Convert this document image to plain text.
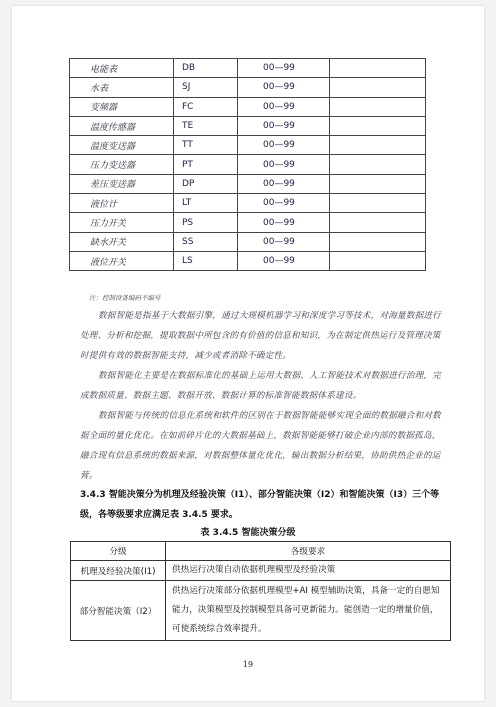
电能表	DB	00—99	
水表	SJ	00—99	
变频器	FC	00—99	
温度传感器	TE	00—99	
温度变送器	TT	00—99	
压力变送器	PT	00—99	
差压变送器	DP	00—99	
液位计	LT	00—99	
压力开关	PS	00—99	
缺水开关	SS	00—99	
液位开关	LS	00—99	
注：控制设备编码不编号

数据智能是指基于大数据引擎，通过大规模机器学习和深度学习等技术，对海量数据进行处理、分析和挖掘，提取数据中所包含的有价值的信息和知识，为在制定供热运行及管理决策时提供有效的数据智能支持，减少或者消除不确定性。

数据智能化主要是在数据标准化的基础上运用大数据、人工智能技术对数据进行治理，完成数据质量、数据主题、数据开放、数据计算的标准智能数据体系建设。

数据智能与传统的信息化系统和软件的区别在于数据智能能够实现全面的数据融合和对数据全面的量化优化。在如前碎片化的大数据基础上，数据智能能够打破企业内部的数据孤岛，融合现有信息系统的数据来源，对数据整体量化优化，输出数据分析结果，协助供热企业的运营。

3.4.3 智能决策分为机理及经验决策（I1）、部分智能决策（I2）和智能决策（I3）三个等级，各等级要求应满足表 3.4.5 要求。

表 3.4.5 智能决策分级
分级	各级要求
机理及经验决策(I1)	供热运行决策自动依据机理模型及经验决策
部分智能决策（I2）	供热运行决策部分依据机理模型+AI 模型辅助决策，具备一定的自愿知能力，决策模型及控制模型具备可更新能力。能创造一定的增量价值，可使系统综合效率提升。
19
